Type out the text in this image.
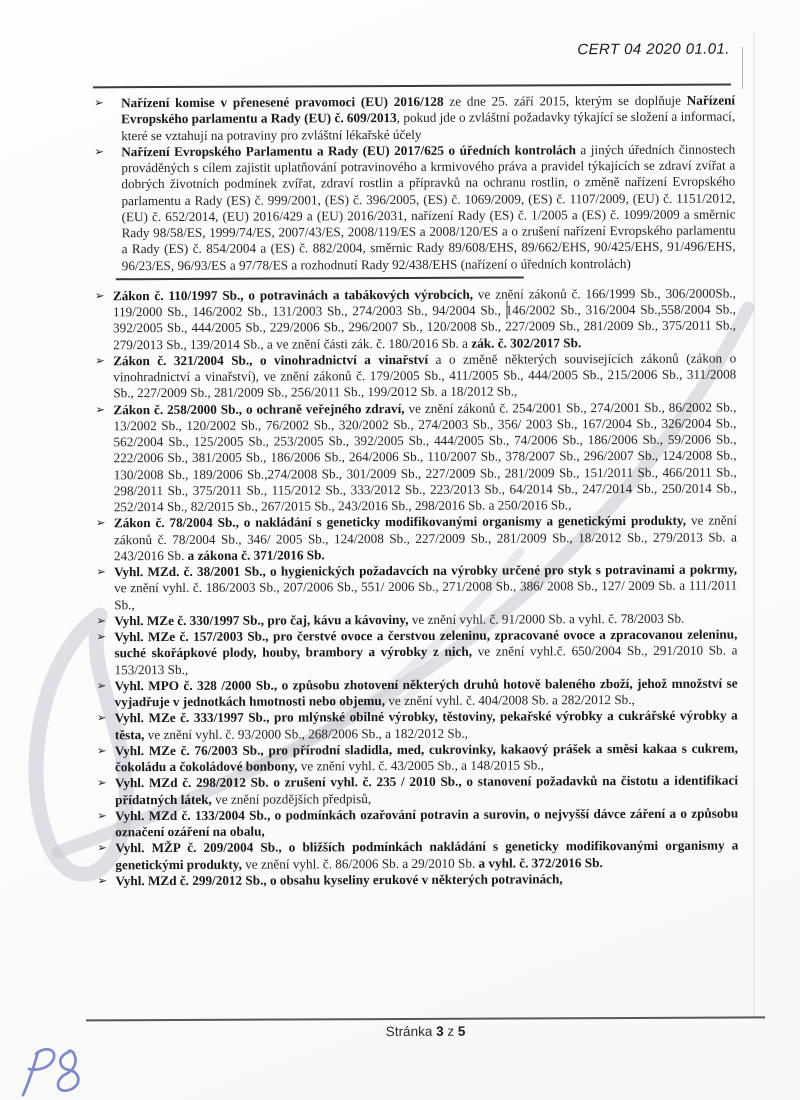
CERT 04 2020 01.01.
➢ Nařízení komise v přenesené pravomoci (EU) 2016/128 ze dne 25. září 2015, kterým se doplňuje Nařízení Evropského parlamentu a Rady (EU) č. 609/2013, pokud jde o zvláštní požadavky týkající se složení a informací, které se vztahují na potraviny pro zvláštní lékařské účely
➢ Nařízení Evropského Parlamentu a Rady (EU) 2017/625 o úředních kontrolách a jiných úředních činnostech prováděných s cílem zajistit uplatňování potravinového a krmivového práva a pravidel týkajících se zdraví zvířat a dobrých životních podmínek zvířat, zdraví rostlin a přípravků na ochranu rostlin, o změně nařízení Evropského parlamentu a Rady (ES) č. 999/2001, (ES) č. 396/2005, (ES) č. 1069/2009, (ES) č. 1107/2009, (EU) č. 1151/2012, (EU) č. 652/2014, (EU) 2016/429 a (EU) 2016/2031, nařízení Rady (ES) č. 1/2005 a (ES) č. 1099/2009 a směrnic Rady 98/58/ES, 1999/74/ES, 2007/43/ES, 2008/119/ES a 2008/120/ES a o zrušení nařízení Evropského parlamentu a Rady (ES) č. 854/2004 a (ES) č. 882/2004, směrnic Rady 89/608/EHS, 89/662/EHS, 90/425/EHS, 91/496/EHS, 96/23/ES, 96/93/ES a 97/78/ES a rozhodnutí Rady 92/438/EHS (nařízení o úředních kontrolách)
➢ Zákon č. 110/1997 Sb., o potravinách a tabákových výrobcích, ve znění zákonů č. 166/1999 Sb., 306/2000Sb., 119/2000 Sb., 146/2002 Sb., 131/2003 Sb., 274/2003 Sb., 94/2004 Sb., 146/2002 Sb., 316/2004 Sb.,558/2004 Sb., 392/2005 Sb., 444/2005 Sb., 229/2006 Sb., 296/2007 Sb., 120/2008 Sb., 227/2009 Sb., 281/2009 Sb., 375/2011 Sb., 279/2013 Sb., 139/2014 Sb., a ve znění části zák. č. 180/2016 Sb. a zák. č. 302/2017 Sb.
➢ Zákon č. 321/2004 Sb., o vinohradnictví a vinařství a o změně některých souvisejících zákonů (zákon o vinohradnictví a vinařství), ve znění zákonů č. 179/2005 Sb., 411/2005 Sb., 444/2005 Sb., 215/2006 Sb., 311/2008 Sb., 227/2009 Sb., 281/2009 Sb., 256/2011 Sb., 199/2012 Sb. a 18/2012 Sb.,
➢ Zákon č. 258/2000 Sb., o ochraně veřejného zdraví, ve znění zákonů č. 254/2001 Sb., 274/2001 Sb., 86/2002 Sb., 13/2002 Sb., 120/2002 Sb., 76/2002 Sb., 320/2002 Sb., 274/2003 Sb., 356/ 2003 Sb., 167/2004 Sb., 326/2004 Sb., 562/2004 Sb., 125/2005 Sb., 253/2005 Sb., 392/2005 Sb., 444/2005 Sb., 74/2006 Sb., 186/2006 Sb., 59/2006 Sb., 222/2006 Sb., 381/2005 Sb., 186/2006 Sb., 264/2006 Sb., 110/2007 Sb., 378/2007 Sb., 296/2007 Sb., 124/2008 Sb., 130/2008 Sb., 189/2006 Sb.,274/2008 Sb., 301/2009 Sb., 227/2009 Sb., 281/2009 Sb., 151/2011 Sb., 466/2011 Sb., 298/2011 Sb., 375/2011 Sb., 115/2012 Sb., 333/2012 Sb., 223/2013 Sb., 64/2014 Sb., 247/2014 Sb., 250/2014 Sb., 252/2014 Sb., 82/2015 Sb., 267/2015 Sb., 243/2016 Sb., 298/2016 Sb. a 250/2016 Sb.,
➢ Zákon č. 78/2004 Sb., o nakládání s geneticky modifikovanými organismy a genetickými produkty, ve znění zákonů č. 78/2004 Sb., 346/ 2005 Sb., 124/2008 Sb., 227/2009 Sb., 281/2009 Sb., 18/2012 Sb., 279/2013 Sb. a 243/2016 Sb. a zákona č. 371/2016 Sb.
➢ Vyhl. MZd. č. 38/2001 Sb., o hygienických požadavcích na výrobky určené pro styk s potravinami a pokrmy, ve znění vyhl. č. 186/2003 Sb., 207/2006 Sb., 551/ 2006 Sb., 271/2008 Sb., 386/ 2008 Sb., 127/ 2009 Sb. a 111/2011 Sb.,
➢ Vyhl. MZe č. 330/1997 Sb., pro čaj, kávu a kávoviny, ve znění vyhl. č. 91/2000 Sb. a vyhl. č. 78/2003 Sb.
➢ Vyhl. MZe č. 157/2003 Sb., pro čerstvé ovoce a čerstvou zeleninu, zpracované ovoce a zpracovanou zeleninu, suché skořápkové plody, houby, brambory a výrobky z nich, ve znění vyhl.č. 650/2004 Sb., 291/2010 Sb. a 153/2013 Sb.,
➢ Vyhl. MPO č. 328 /2000 Sb., o způsobu zhotovení některých druhů hotově baleného zboží, jehož množství se vyjadřuje v jednotkách hmotnosti nebo objemu, ve znění vyhl. č. 404/2008 Sb. a 282/2012 Sb.,
➢ Vyhl. MZe č. 333/1997 Sb., pro mlýnské obilné výrobky, těstoviny, pekařské výrobky a cukrářské výrobky a těsta, ve znění vyhl. č. 93/2000 Sb., 268/2006 Sb., a 182/2012 Sb.,
➢ Vyhl. MZe č. 76/2003 Sb., pro přírodní sladidla, med, cukrovinky, kakaový prášek a směsi kakaa s cukrem, čokoládu a čokoládové bonbony, ve znění vyhl. č. 43/2005 Sb., a 148/2015 Sb.,
➢ Vyhl. MZd č. 298/2012 Sb. o zrušení vyhl. č. 235 / 2010 Sb., o stanovení požadavků na čistotu a identifikaci přídatných látek, ve znění pozdějších předpisů,
➢ Vyhl. MZd č. 133/2004 Sb., o podmínkách ozařování potravin a surovin, o nejvyšší dávce záření a o způsobu označení ozáření na obalu,
➢ Vyhl. MŽP č. 209/2004 Sb., o bližších podmínkách nakládání s geneticky modifikovanými organismy a genetickými produkty, ve znění vyhl. č. 86/2006 Sb. a 29/2010 Sb. a vyhl. č. 372/2016 Sb.
➢ Vyhl. MZd č. 299/2012 Sb., o obsahu kyseliny erukové v některých potravinách,
Stránka 3 z 5
